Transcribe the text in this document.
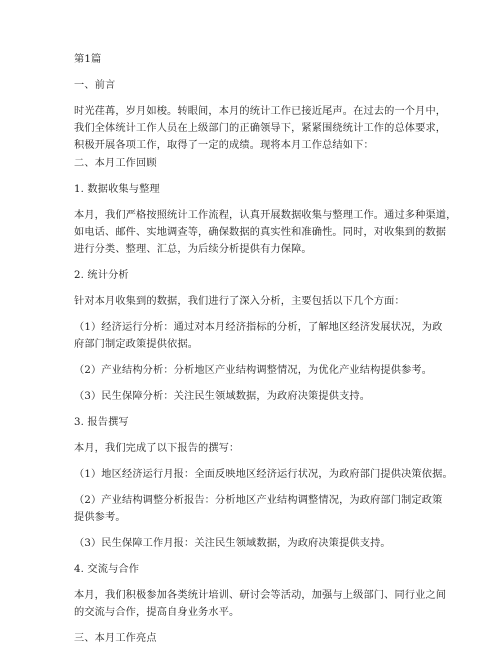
第1篇
一、前言
时光荏苒，岁月如梭。转眼间，本月的统计工作已接近尾声。在过去的一个月中，
我们全体统计工作人员在上级部门的正确领导下，紧紧围绕统计工作的总体要求，
积极开展各项工作，取得了一定的成绩。现将本月工作总结如下：
二、本月工作回顾
1. 数据收集与整理
本月，我们严格按照统计工作流程，认真开展数据收集与整理工作。通过多种渠道，
如电话、邮件、实地调查等，确保数据的真实性和准确性。同时，对收集到的数据
进行分类、整理、汇总，为后续分析提供有力保障。
2. 统计分析
针对本月收集到的数据，我们进行了深入分析，主要包括以下几个方面：
（1）经济运行分析：通过对本月经济指标的分析，了解地区经济发展状况，为政
府部门制定政策提供依据。
（2）产业结构分析：分析地区产业结构调整情况，为优化产业结构提供参考。
（3）民生保障分析：关注民生领域数据，为政府决策提供支持。
3. 报告撰写
本月，我们完成了以下报告的撰写：
（1）地区经济运行月报：全面反映地区经济运行状况，为政府部门提供决策依据。
（2）产业结构调整分析报告：分析地区产业结构调整情况，为政府部门制定政策
提供参考。
（3）民生保障工作月报：关注民生领域数据，为政府决策提供支持。
4. 交流与合作
本月，我们积极参加各类统计培训、研讨会等活动，加强与上级部门、同行业之间
的交流与合作，提高自身业务水平。
三、本月工作亮点
